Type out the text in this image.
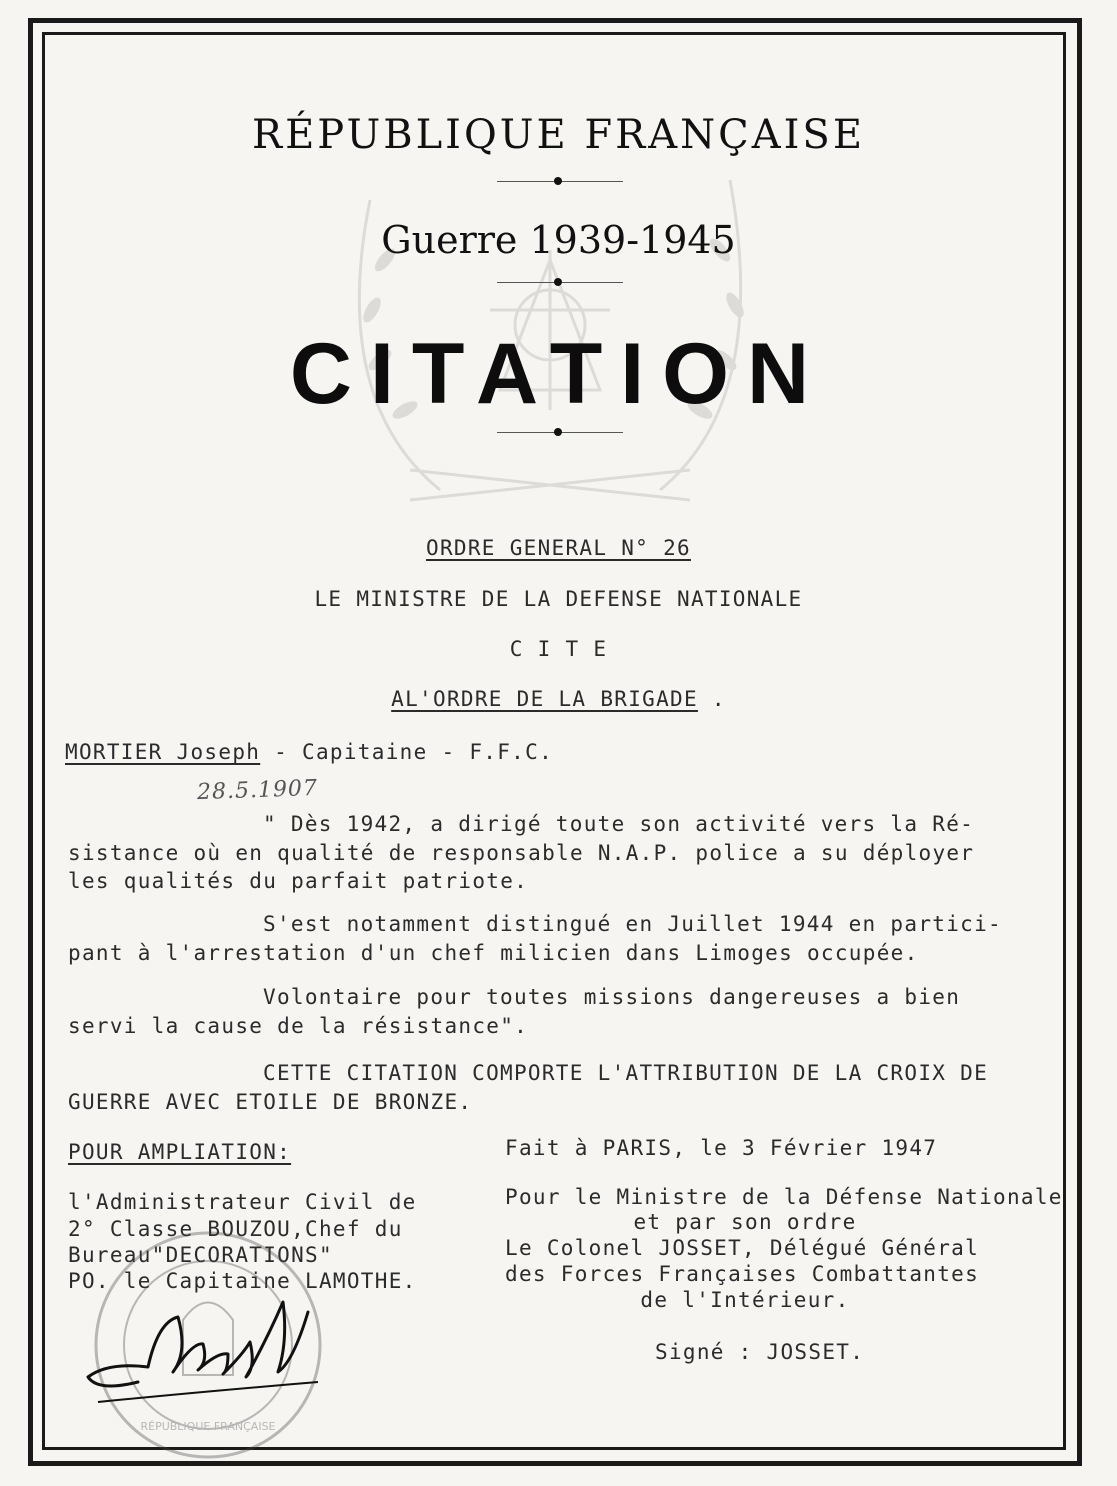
RÉPUBLIQUE FRANÇAISE
Guerre 1939-1945
CITATION
ORDRE GENERAL N° 26
LE MINISTRE DE LA DEFENSE NATIONALE
C I T E
AL'ORDRE DE LA BRIGADE .
MORTIER Joseph - Capitaine - F.F.C.
28.5.1907
" Dès 1942, a dirigé toute son activité vers la Ré-
sistance où en qualité de responsable N.A.P. police a su déployer
les qualités du parfait patriote.
S'est notamment distingué en Juillet 1944 en partici-
pant à l'arrestation d'un chef milicien dans Limoges occupée.
Volontaire pour toutes missions dangereuses a bien
servi la cause de la résistance".
CETTE CITATION COMPORTE L'ATTRIBUTION DE LA CROIX DE
GUERRE AVEC ETOILE DE BRONZE.
POUR AMPLIATION:
l'Administrateur Civil de
2° Classe BOUZOU,Chef du
Bureau"DECORATIONS"
PO. le Capitaine LAMOTHE.
Fait à PARIS, le 3 Février 1947
Pour le Ministre de la Défense Nationale
et par son ordre
Le Colonel JOSSET, Délégué Général
des Forces Françaises Combattantes
de l'Intérieur.
Signé : JOSSET.
RÉPUBLIQUE FRANÇAISE
